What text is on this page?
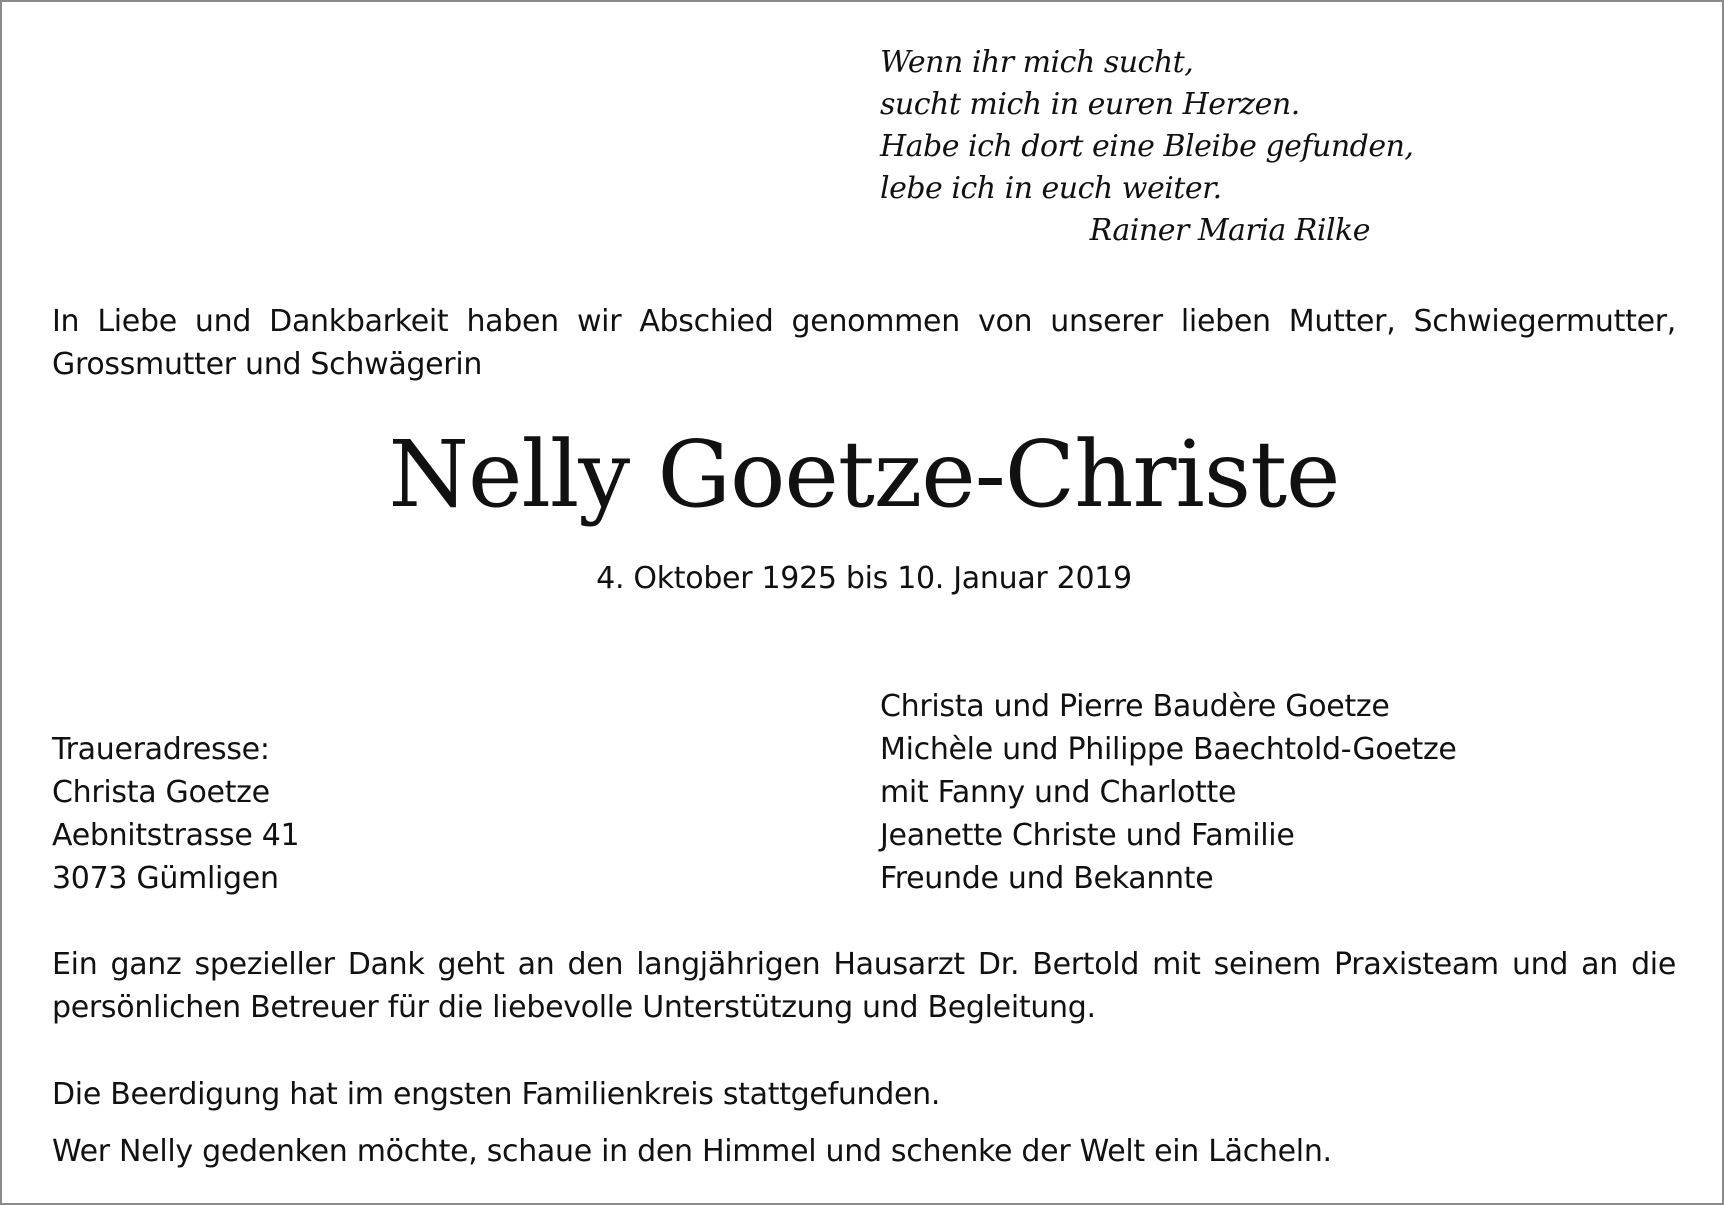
Wenn ihr mich sucht,
sucht mich in euren Herzen.
Habe ich dort eine Bleibe gefunden,
lebe ich in euch weiter.
Rainer Maria Rilke
In Liebe und Dankbarkeit haben wir Abschied genommen von unserer lieben Mutter, Schwiegermutter, Grossmutter und Schwägerin
Nelly Goetze-Christe
4. Oktober 1925 bis 10. Januar 2019
Traueradresse:
Christa Goetze
Aebnitstrasse 41
3073 Gümligen
Christa und Pierre Baudère Goetze
Michèle und Philippe Baechtold-Goetze
mit Fanny und Charlotte
Jeanette Christe und Familie
Freunde und Bekannte
Ein ganz spezieller Dank geht an den langjährigen Hausarzt Dr. Bertold mit seinem Praxisteam und an die persönlichen Betreuer für die liebevolle Unterstützung und Begleitung.
Die Beerdigung hat im engsten Familienkreis stattgefunden.
Wer Nelly gedenken möchte, schaue in den Himmel und schenke der Welt ein Lächeln.
